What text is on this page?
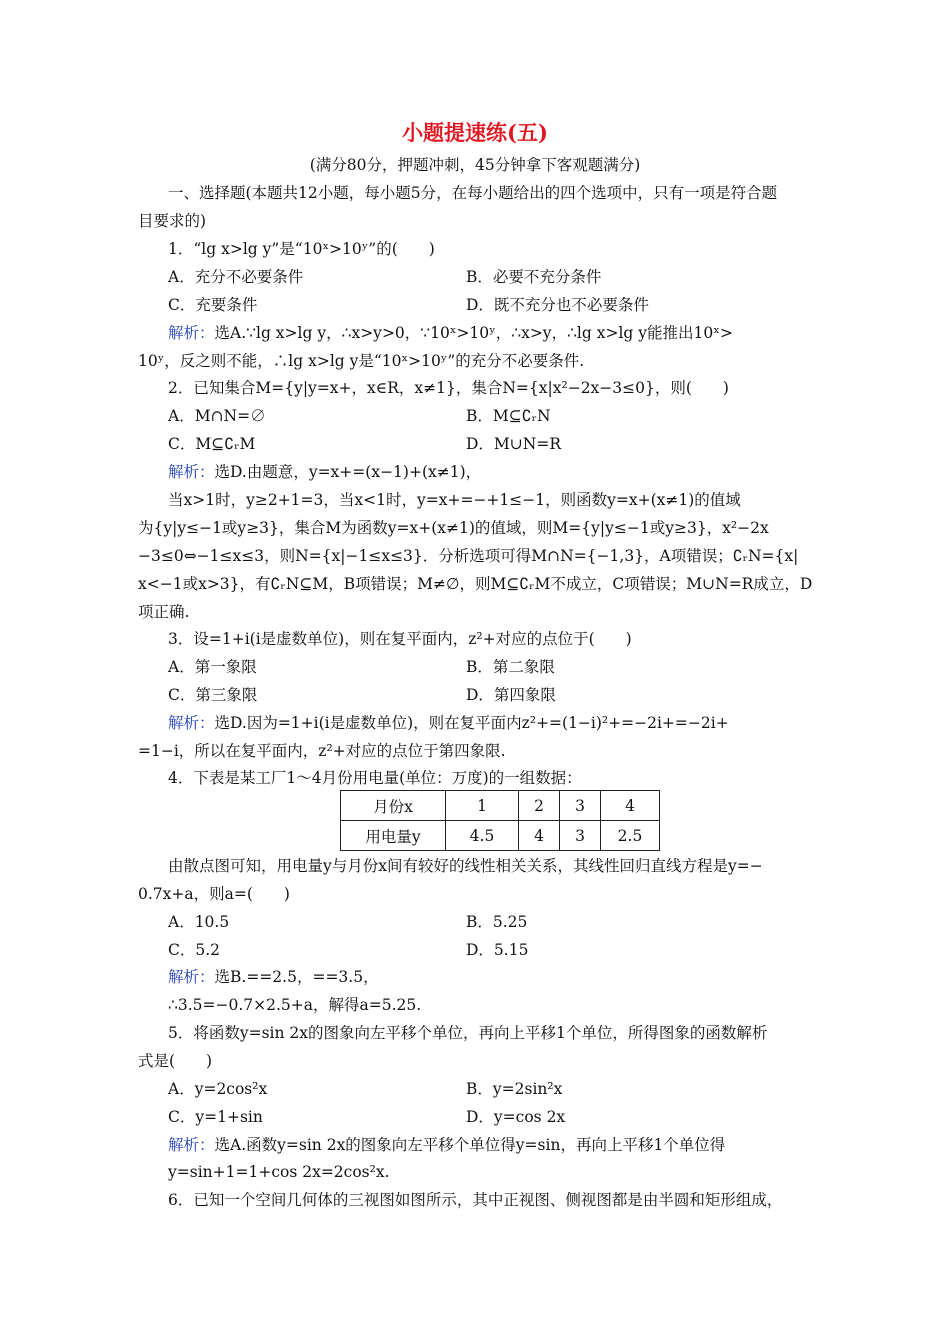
小题提速练(五)
(满分80分，押题冲刺，45分钟拿下客观题满分)
一、选择题(本题共12小题，每小题5分，在每小题给出的四个选项中，只有一项是符合题
目要求的)
1．“lg x>lg y”是“10ˣ>10ʸ”的(　　)
A．充分不必要条件	B．必要不充分条件
C．充要条件	D．既不充分也不必要条件
解析：选A.∵lg x>lg y，∴x>y>0，∵10ˣ>10ʸ，∴x>y，∴lg x>lg y能推出10ˣ>
10ʸ，反之则不能，∴lg x>lg y是“10ˣ>10ʸ”的充分不必要条件.
2．已知集合M={y|y=x+，x∈R，x≠1}，集合N={x|x²−2x−3≤0}，则(　　)
A．M∩N=∅	B．M⊆∁ᵣN
C．M⊆∁ᵣM	D．M∪N=R
解析：选D.由题意，y=x+=(x−1)+(x≠1)，
当x>1时，y≥2+1=3，当x<1时，y=x+=−+1≤−1，则函数y=x+(x≠1)的值域
为{y|y≤−1或y≥3}，集合M为函数y=x+(x≠1)的值域，则M={y|y≤−1或y≥3}，x²−2x
−3≤0⇔−1≤x≤3，则N={x|−1≤x≤3}．分析选项可得M∩N={−1,3}，A项错误；∁ᵣN={x|
x<−1或x>3}，有∁ᵣN⊆M，B项错误；M≠∅，则M⊆∁ᵣM不成立，C项错误；M∪N=R成立，D
项正确.
3．设=1+i(i是虚数单位)，则在复平面内，z²+对应的点位于(　　)
A．第一象限	B．第二象限
C．第三象限	D．第四象限
解析：选D.因为=1+i(i是虚数单位)，则在复平面内z²+=(1−i)²+=−2i+=−2i+
=1−i，所以在复平面内，z²+对应的点位于第四象限.
4．下表是某工厂1～4月份用电量(单位：万度)的一组数据：
月份x	1	2	3	4
用电量y	4.5	4	3	2.5
由散点图可知，用电量y与月份x间有较好的线性相关关系，其线性回归直线方程是y=−
0.7x+a，则a=(　　)
A．10.5	B．5.25
C．5.2	D．5.15
解析：选B.==2.5，==3.5，
∴3.5=−0.7×2.5+a，解得a=5.25.
5．将函数y=sin 2x的图象向左平移个单位，再向上平移1个单位，所得图象的函数解析
式是(　　)
A．y=2cos²x	B．y=2sin²x
C．y=1+sin	D．y=cos 2x
解析：选A.函数y=sin 2x的图象向左平移个单位得y=sin，再向上平移1个单位得
y=sin+1=1+cos 2x=2cos²x.
6．已知一个空间几何体的三视图如图所示，其中正视图、侧视图都是由半圆和矩形组成，
